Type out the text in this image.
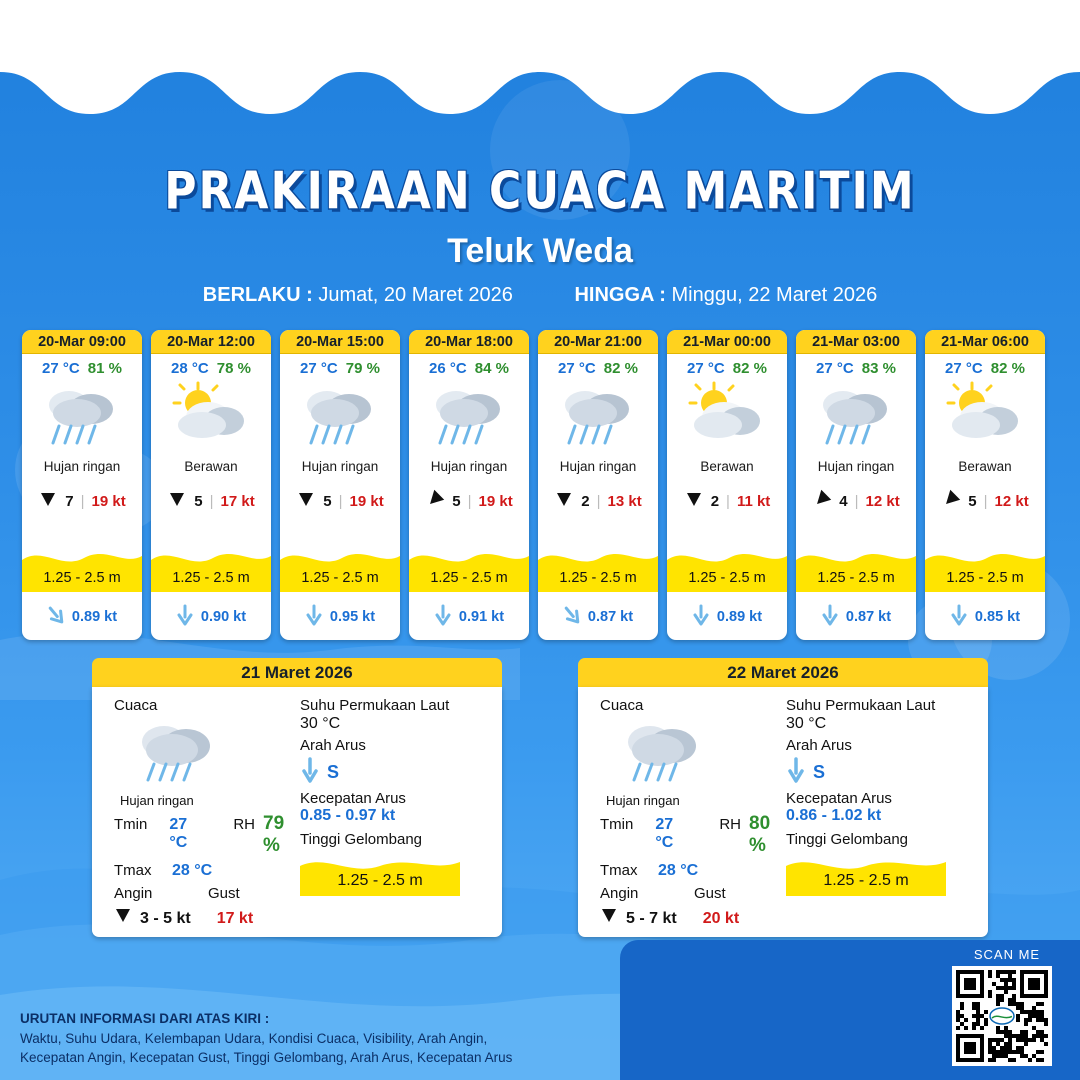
PRAKIRAAN CUACA MARITIM
Teluk Weda
BERLAKU : Jumat, 20 Maret 2026	HINGGA : Minggu, 22 Maret 2026
20-Mar 09:00
27 °C 81 %
Hujan ringan
7 | 19 kt
1.25 - 2.5 m
0.89 kt
20-Mar 12:00
28 °C 78 %
Berawan
5 | 17 kt
1.25 - 2.5 m
0.90 kt
20-Mar 15:00
27 °C 79 %
Hujan ringan
5 | 19 kt
1.25 - 2.5 m
0.95 kt
20-Mar 18:00
26 °C 84 %
Hujan ringan
5 | 19 kt
1.25 - 2.5 m
0.91 kt
20-Mar 21:00
27 °C 82 %
Hujan ringan
2 | 13 kt
1.25 - 2.5 m
0.87 kt
21-Mar 00:00
27 °C 82 %
Berawan
2 | 11 kt
1.25 - 2.5 m
0.89 kt
21-Mar 03:00
27 °C 83 %
Hujan ringan
4 | 12 kt
1.25 - 2.5 m
0.87 kt
21-Mar 06:00
27 °C 82 %
Berawan
5 | 12 kt
1.25 - 2.5 m
0.85 kt
21 Maret 2026
Cuaca
Hujan ringan
Tmin	27 °C
RH 79 %
Tmax	28 °C
Angin	Gust
3 - 5 kt 17 kt
Suhu Permukaan Laut
30 °C
Arah Arus
S
Kecepatan Arus
0.85 - 0.97 kt
Tinggi Gelombang
1.25 - 2.5 m
22 Maret 2026
Cuaca
Hujan ringan
Tmin	27 °C
RH 80 %
Tmax	28 °C
Angin	Gust
5 - 7 kt 20 kt
Suhu Permukaan Laut
30 °C
Arah Arus
S
Kecepatan Arus
0.86 - 1.02 kt
Tinggi Gelombang
1.25 - 2.5 m
URUTAN INFORMASI DARI ATAS KIRI :
Waktu, Suhu Udara, Kelembapan Udara, Kondisi Cuaca, Visibility, Arah Angin,
Kecepatan Angin, Kecepatan Gust, Tinggi Gelombang, Arah Arus, Kecepatan Arus
SCAN ME
